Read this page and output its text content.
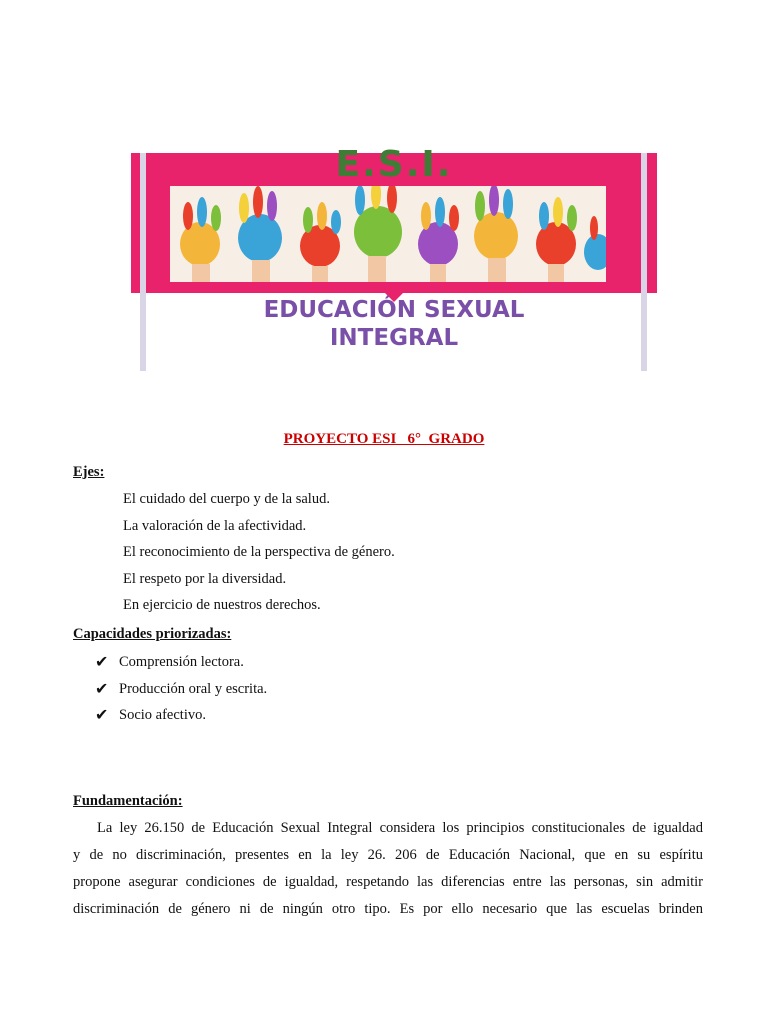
E.S.I.
EDUCACIÓN SEXUAL
INTEGRAL
PROYECTO ESI   6°  GRADO
Ejes:
El cuidado del cuerpo y de la salud.
La valoración de la afectividad.
El reconocimiento de la perspectiva de género.
El respeto por la diversidad.
En ejercicio de nuestros derechos.
Capacidades priorizadas:
✔ Comprensión lectora.
✔ Producción oral y escrita.
✔ Socio afectivo.
Fundamentación:
La ley 26.150 de Educación Sexual Integral considera los principios constitucionales de igualdad
y de no discriminación, presentes en la ley 26. 206 de Educación Nacional, que en su espíritu
propone asegurar condiciones de igualdad, respetando las diferencias entre las personas, sin admitir
discriminación de género ni de ningún otro tipo. Es por ello necesario que las escuelas brinden
